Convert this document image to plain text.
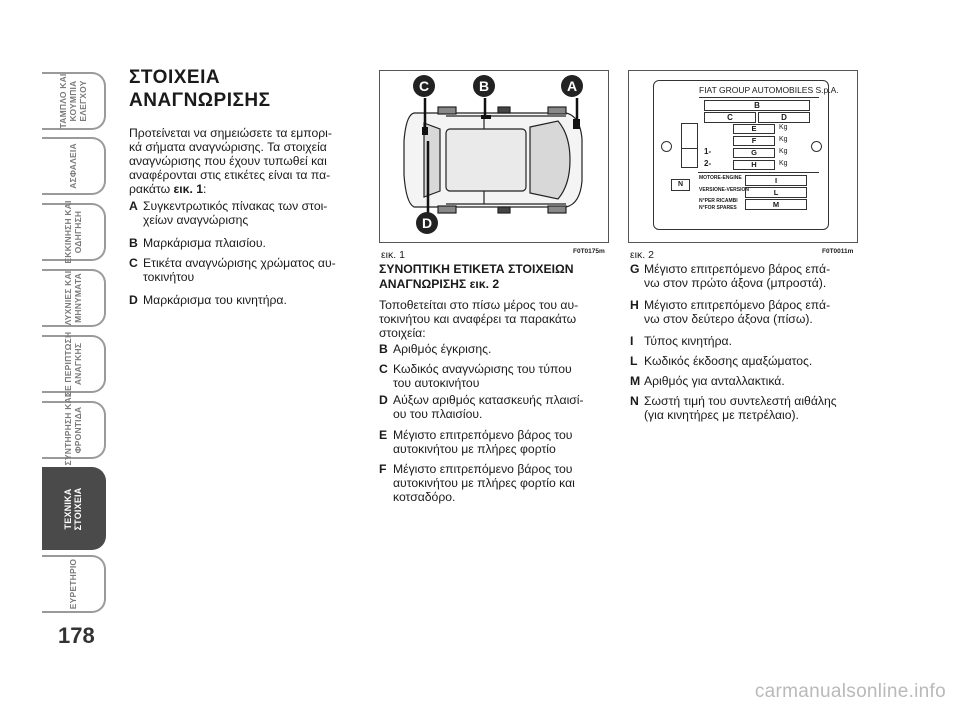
ΤΑΜΠΛΟ ΚΑΙ
ΚΟΥΜΠΙΑ
ΕΛΕΓΧΟΥ
ΑΣΦΑΛΕΙΑ
ΕΚΚΙΝΗΣΗ ΚΑΙ
ΟΔΗΓΗΣΗ
ΛΥΧΝΙΕΣ ΚΑΙ
ΜΗΝΥΜΑΤΑ
ΣΕ ΠΕΡΙΠΤΩΣΗ
ΑΝΑΓΚΗΣ
ΣΥΝΤΗΡΗΣΗ ΚΑΙ
ΦΡΟΝΤΙΔΑ
ΤΕΧΝΙΚΑ
ΣΤΟΙΧΕΙΑ
ΕΥΡΕΤΗΡΙΟ
178
ΣΤΟΙΧΕΙΑ
ΑΝΑΓΝΩΡΙΣΗΣ
Προτείνεται να σημειώσετε τα εμπορι-
κά σήματα αναγνώρισης. Τα στοιχεία
αναγνώρισης που έχουν τυπωθεί και
αναφέρονται στις ετικέτες είναι τα πα-
ρακάτω εικ. 1:
A Συγκεντρωτικός πίνακας των στοι-
χείων αναγνώρισης
B Μαρκάρισμα πλαισίου.
C Ετικέτα αναγνώρισης χρώματος αυ-
τοκινήτου
D Μαρκάρισμα του κινητήρα.
A
B
C
D
εικ. 1	F0T0175m
FIAT GROUP AUTOMOBILES S.p.A.
B
C	D
E
F
G
H
Kg
Kg
Kg
Kg
1-
2-
N
MOTORE-ENGINE
VERSIONE-VERSION
N°PER RICAMBI
N°FOR SPARES
I
L
M
εικ. 2	F0T0011m
ΣΥΝΟΠΤΙΚΗ ΕΤΙΚΕΤΑ ΣΤΟΙΧΕΙΩΝ
ΑΝΑΓΝΩΡΙΣΗΣ εικ. 2
Τοποθετείται στο πίσω μέρος του αυ-
τοκινήτου και αναφέρει τα παρακάτω
στοιχεία:
B Αριθμός έγκρισης.
C Κωδικός αναγνώρισης του τύπου
του αυτοκινήτου
D Αύξων αριθμός κατασκευής πλαισί-
ου του πλαισίου.
E Μέγιστο επιτρεπόμενο βάρος του
αυτοκινήτου με πλήρες φορτίο
F Μέγιστο επιτρεπόμενο βάρος του
αυτοκινήτου με πλήρες φορτίο και
κοτσαδόρο.
G Μέγιστο επιτρεπόμενο βάρος επά-
νω στον πρώτο άξονα (μπροστά).
H Μέγιστο επιτρεπόμενο βάρος επά-
νω στον δεύτερο άξονα (πίσω).
I Τύπος κινητήρα.
L Κωδικός έκδοσης αμαξώματος.
M Αριθμός για ανταλλακτικά.
N Σωστή τιμή του συντελεστή αιθάλης
(για κινητήρες με πετρέλαιο).
carmanualsonline.info
